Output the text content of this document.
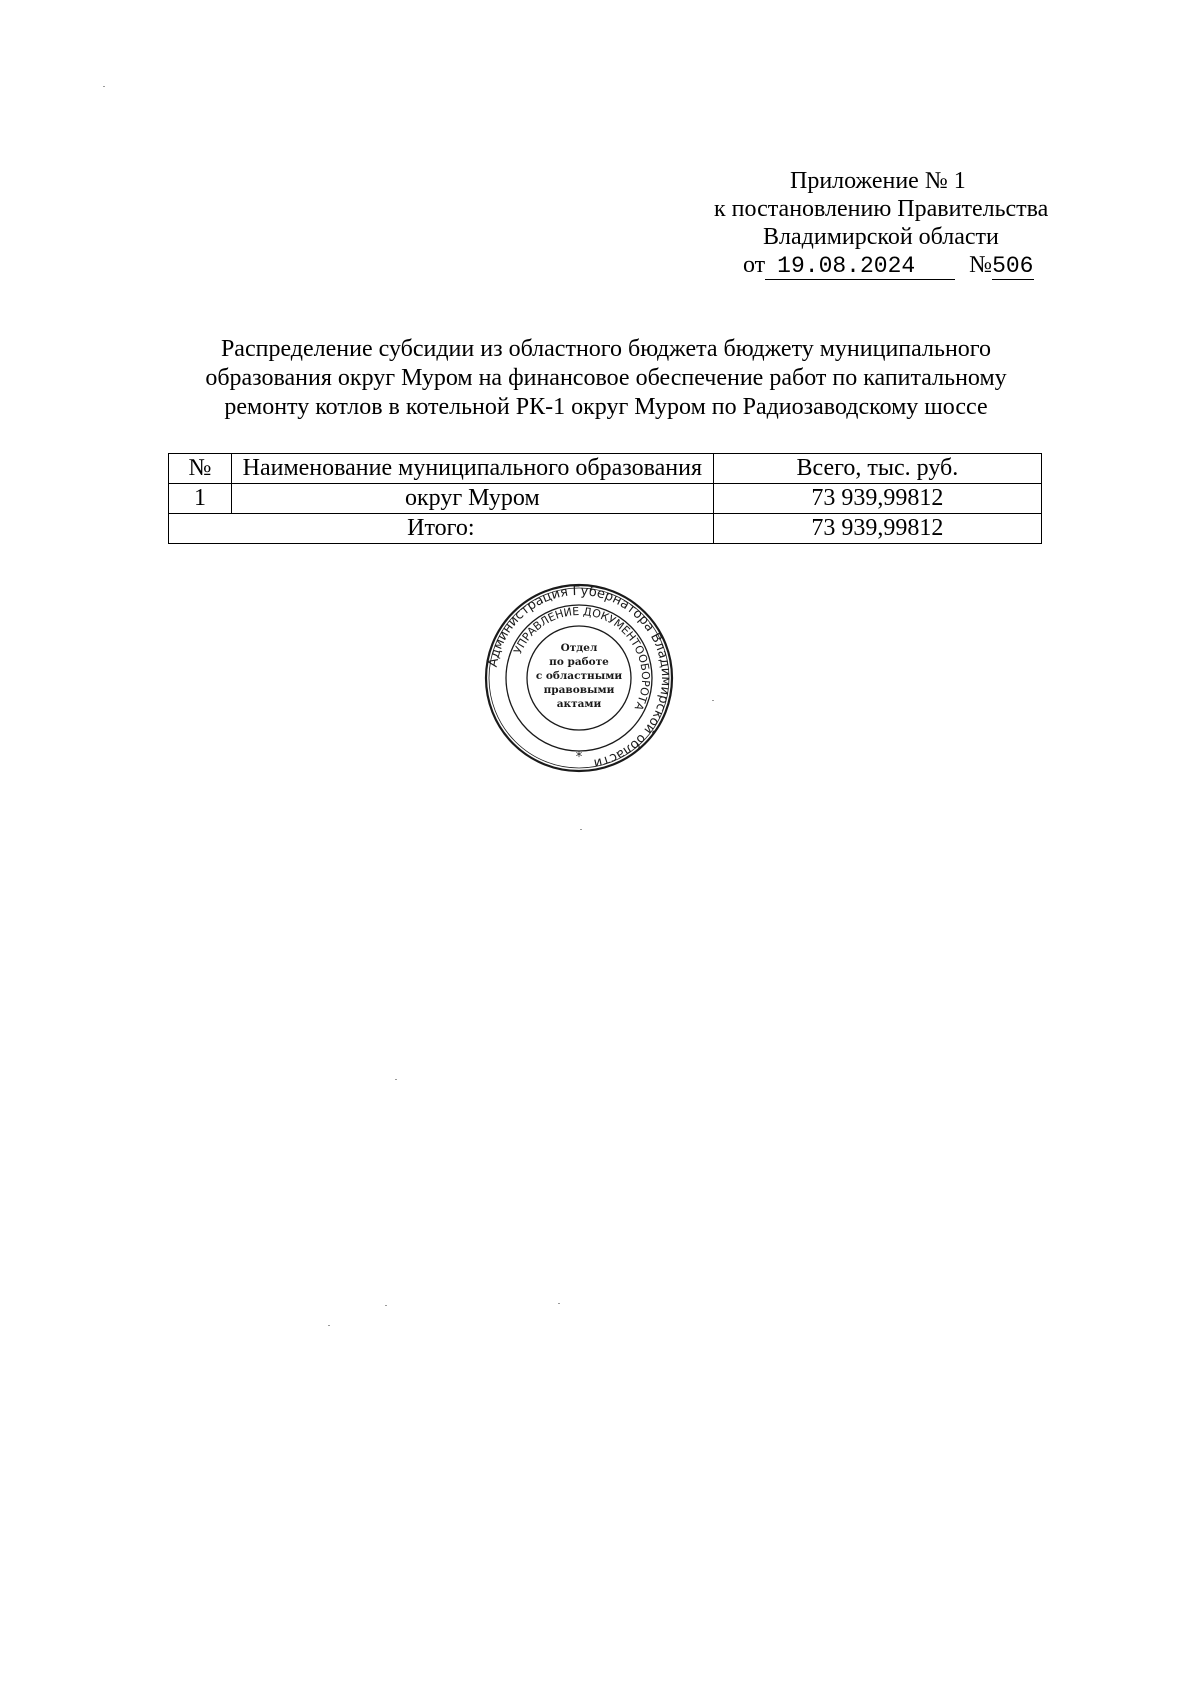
Приложение № 1
к постановлению Правительства
Владимирской области
от 19.08.2024 №506
Распределение субсидии из областного бюджета бюджету муниципального образования округ Муром на финансовое обеспечение работ по капитальному ремонту котлов в котельной РК-1 округ Муром по Радиозаводскому шоссе
№	Наименование муниципального образования	Всего, тыс. руб.
1	округ Муром	73 939,99812
Итого:		73 939,99812
Администрация Губернатора Владимирской области
УПРАВЛЕНИЕ ДОКУМЕНТООБОРОТА
*
Отдел
по работе
с областными
правовыми
актами
